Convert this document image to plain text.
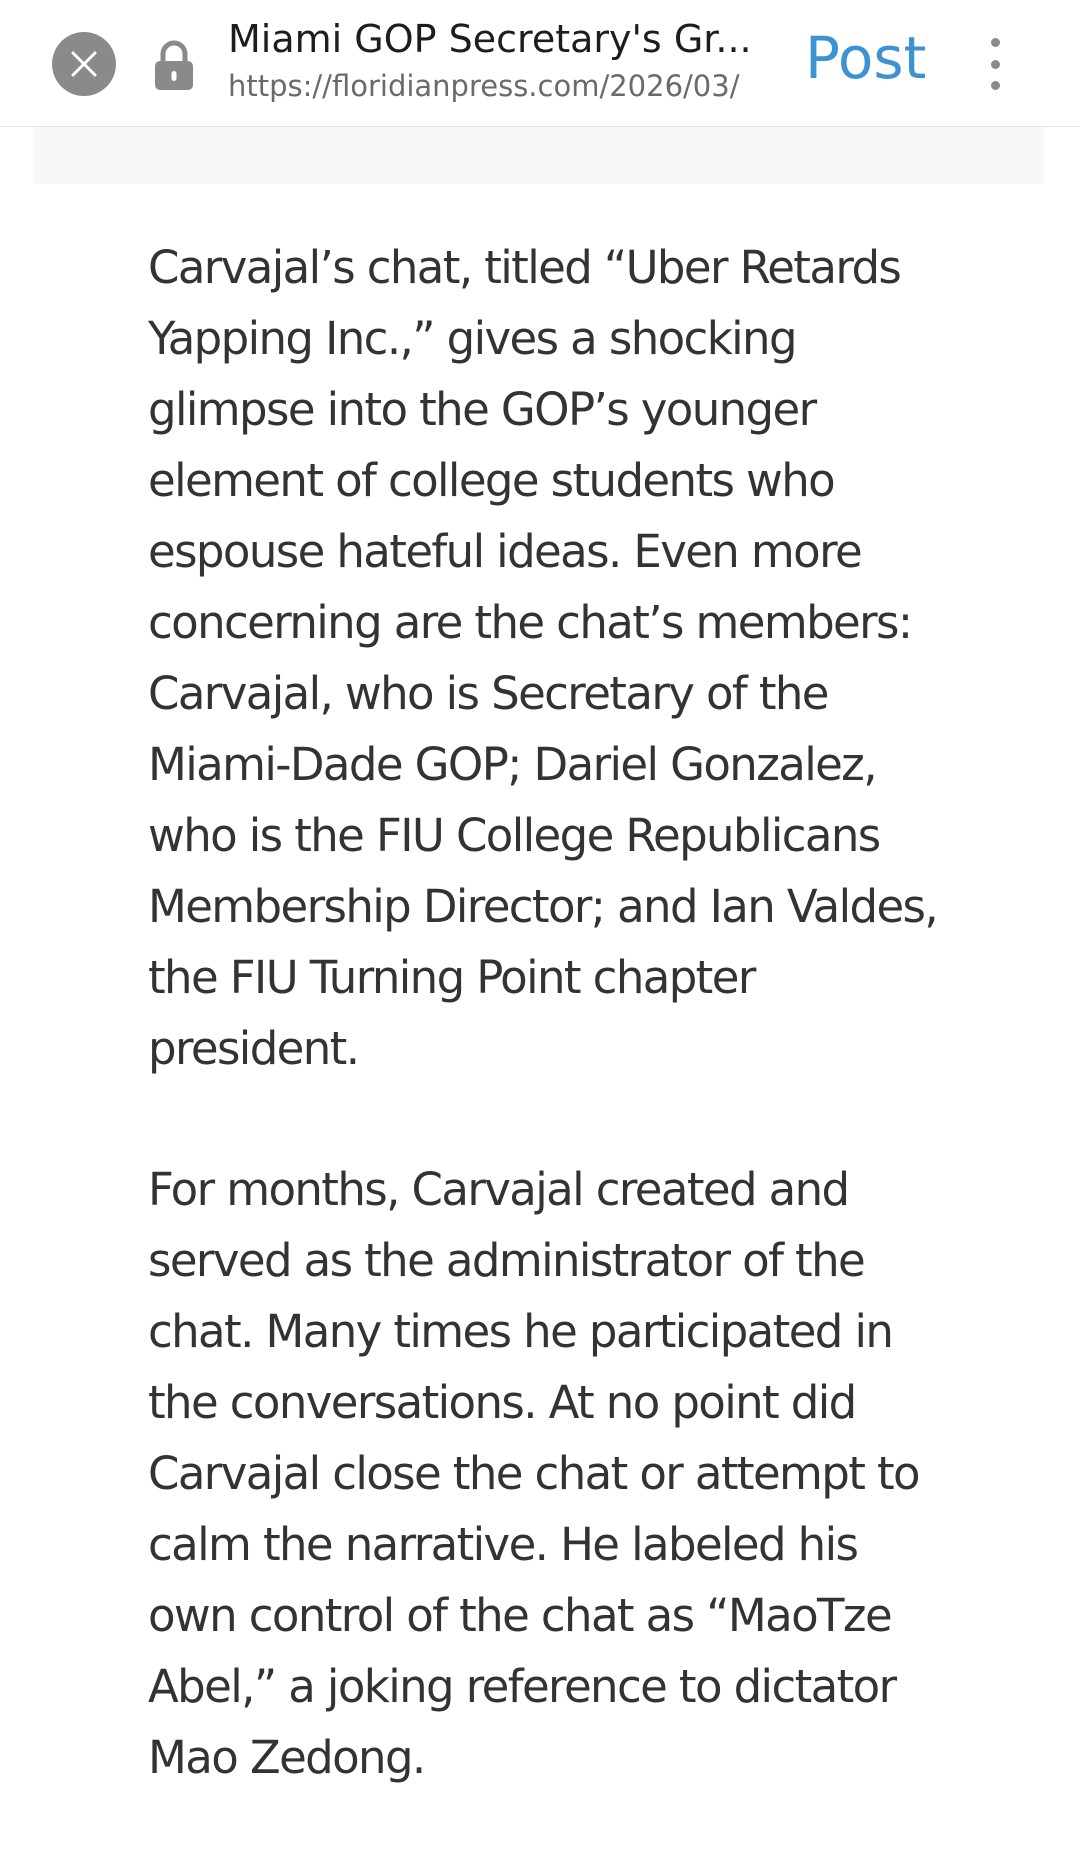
Miami GOP Secretary's Gr...
https://floridianpress.com/2026/03/	Post

Carvajal’s chat, titled “Uber Retards Yapping Inc.,” gives a shocking glimpse into the GOP’s younger element of college students who espouse hateful ideas. Even more concerning are the chat’s members: Carvajal, who is Secretary of the Miami-Dade GOP; Dariel Gonzalez, who is the FIU College Republicans Membership Director; and Ian Valdes, the FIU Turning Point chapter president.

For months, Carvajal created and served as the administrator of the chat. Many times he participated in the conversations. At no point did Carvajal close the chat or attempt to calm the narrative. He labeled his own control of the chat as “MaoTze Abel,” a joking reference to dictator Mao Zedong.
